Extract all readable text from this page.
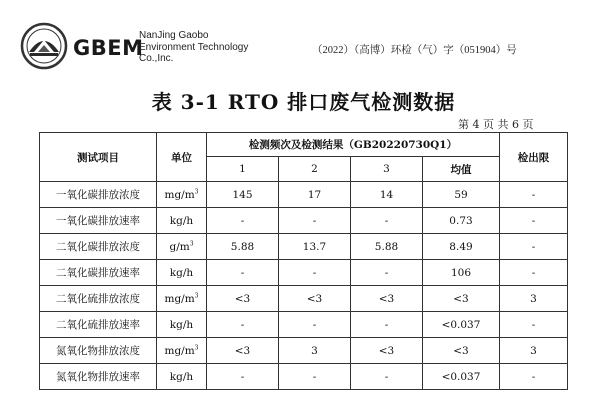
GBEM
NanJing Gaobo
Environment Technology
Co.,Inc.
（2022）（高博）环检（气）字（051904）号
表 3-1 RTO 排口废气检测数据
第 4 页 共 6 页
测试项目	单位	检测频次及检测结果（GB20220730Q1）				检出限
		1	2	3	均值	
一氧化碳排放浓度	$mg/m^3$	145	17	14	59	-
一氧化碳排放速率	kg/h	-	-	-	0.73	-
二氧化碳排放浓度	$g/m^3$	5.88	13.7	5.88	8.49	-
二氧化碳排放速率	kg/h	-	-	-	106	-
二氧化硫排放浓度	$mg/m^3$	<3	<3	<3	<3	3
二氧化硫排放速率	kg/h	-	-	-	<0.037	-
氮氧化物排放浓度	$mg/m^3$	<3	3	<3	<3	3
氮氧化物排放速率	kg/h	-	-	-	<0.037	-
